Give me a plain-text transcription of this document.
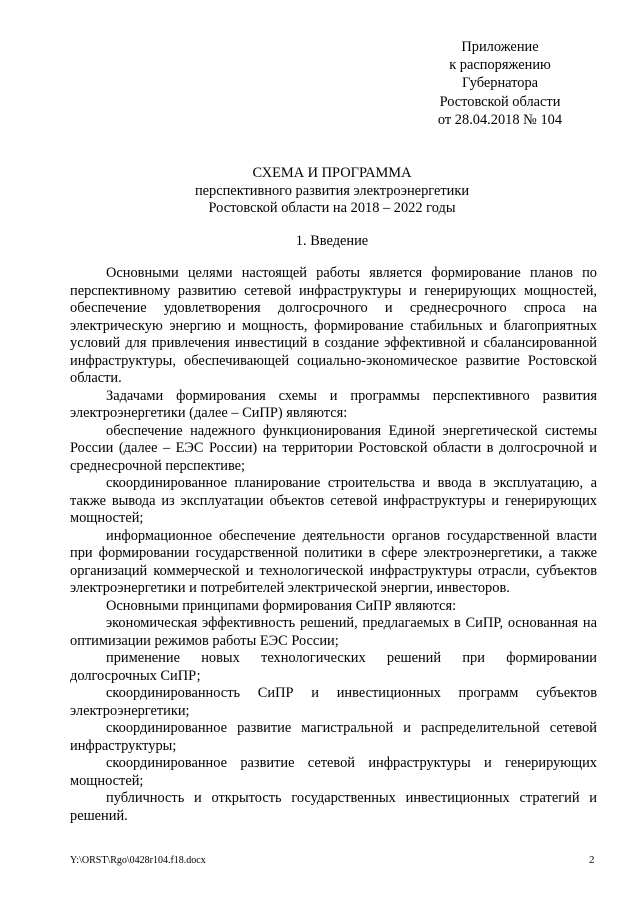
Приложение
к распоряжению
Губернатора
Ростовской области
от 28.04.2018 № 104
СХЕМА И ПРОГРАММА
перспективного развития электроэнергетики
Ростовской области на 2018 – 2022 годы
1. Введение

Основными целями настоящей работы является формирование планов по перспективному развитию сетевой инфраструктуры и генерирующих мощностей, обеспечение удовлетворения долгосрочного и среднесрочного спроса на электрическую энергию и мощность, формирование стабильных и благоприятных условий для привлечения инвестиций в создание эффективной и сбалансированной инфраструктуры, обеспечивающей социально-экономическое развитие Ростовской области.

Задачами формирования схемы и программы перспективного развития электроэнергетики (далее – СиПР) являются:

обеспечение надежного функционирования Единой энергетической системы России (далее – ЕЭС России) на территории Ростовской области в долгосрочной и среднесрочной перспективе;

скоординированное планирование строительства и ввода в эксплуатацию, а также вывода из эксплуатации объектов сетевой инфраструктуры и генерирующих мощностей;

информационное обеспечение деятельности органов государственной власти при формировании государственной политики в сфере электроэнергетики, а также организаций коммерческой и технологической инфраструктуры отрасли, субъектов электроэнергетики и потребителей электрической энергии, инвесторов.

Основными принципами формирования СиПР являются:

экономическая эффективность решений, предлагаемых в СиПР, основанная на оптимизации режимов работы ЕЭС России;

применение новых технологических решений при формировании долгосрочных СиПР;

скоординированность СиПР и инвестиционных программ субъектов электроэнергетики;

скоординированное развитие магистральной и распределительной сетевой инфраструктуры;

скоординированное развитие сетевой инфраструктуры и генерирующих мощностей;

публичность и открытость государственных инвестиционных стратегий и решений.

Y:\ORST\Rgo\0428r104.f18.docx	2
